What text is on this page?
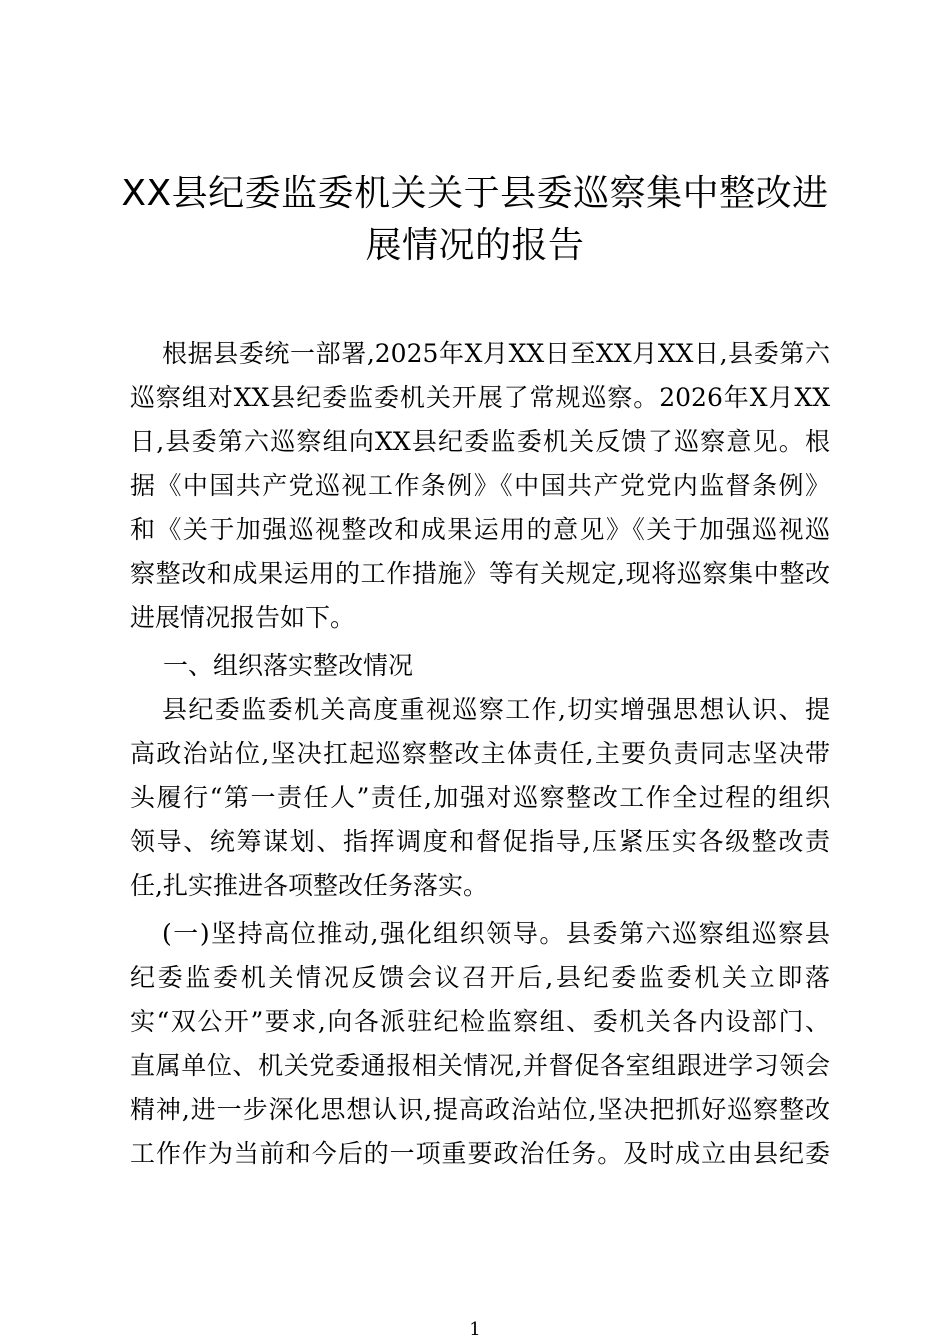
XX县纪委监委机关关于县委巡察集中整改进
展情况的报告
根据县委统一部署,2025年X月XX日至XX月XX日,县委第六
巡察组对XX县纪委监委机关开展了常规巡察。2026年X月XX
日,县委第六巡察组向XX县纪委监委机关反馈了巡察意见。根
据《中国共产党巡视工作条例》《中国共产党党内监督条例》
和《关于加强巡视整改和成果运用的意见》《关于加强巡视巡
察整改和成果运用的工作措施》等有关规定,现将巡察集中整改
进展情况报告如下。
一、组织落实整改情况
县纪委监委机关高度重视巡察工作,切实增强思想认识、提
高政治站位,坚决扛起巡察整改主体责任,主要负责同志坚决带
头履行“第一责任人”责任,加强对巡察整改工作全过程的组织
领导、统筹谋划、指挥调度和督促指导,压紧压实各级整改责
任,扎实推进各项整改任务落实。
(一)坚持高位推动,强化组织领导。县委第六巡察组巡察县
纪委监委机关情况反馈会议召开后,县纪委监委机关立即落
实“双公开”要求,向各派驻纪检监察组、委机关各内设部门、
直属单位、机关党委通报相关情况,并督促各室组跟进学习领会
精神,进一步深化思想认识,提高政治站位,坚决把抓好巡察整改
工作作为当前和今后的一项重要政治任务。及时成立由县纪委
1
